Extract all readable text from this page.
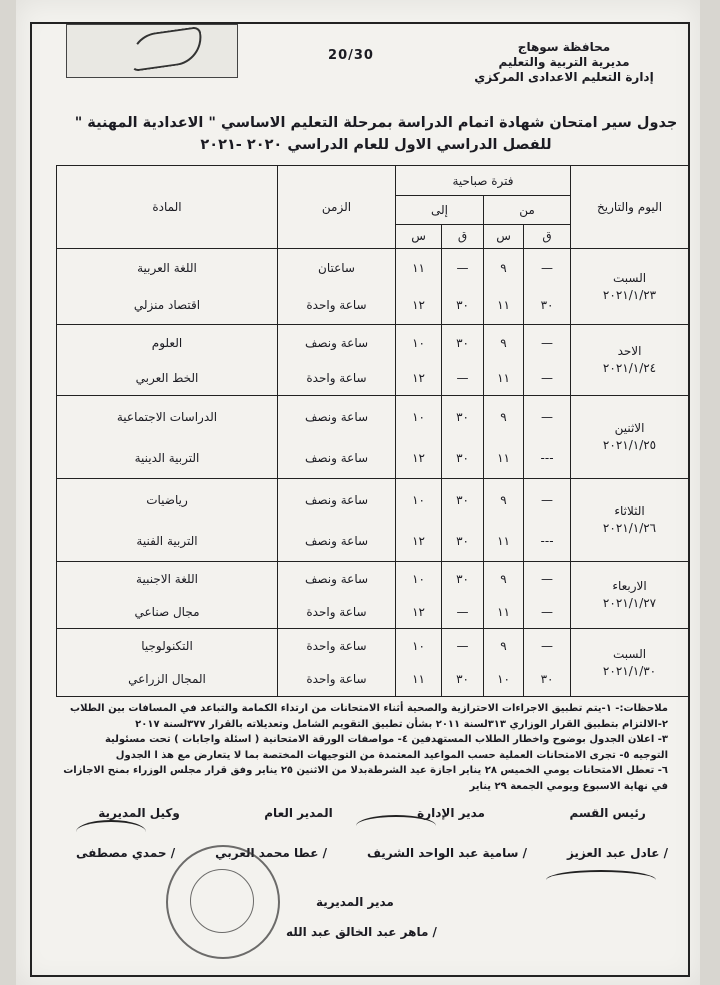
20/30
محافظة سوهاج
مديرية التربية والتعليم
إدارة التعليم الاعدادى المركزي
جدول سير امتحان شهادة اتمام الدراسة بمرحلة التعليم الاساسي " الاعدادية المهنية "
للفصل الدراسي الاول للعام الدراسي ٢٠٢٠ -٢٠٢١
اليوم والتاريخ	فترة صباحية				الزمن	المادة
	من		إلى			
	ق	س	ق	س		

السبت
٢٠٢١/١/٢٣	—	٩	—	١١	ساعتان	اللغة العربية
	٣٠	١١	٣٠	١٢	ساعة واحدة	اقتصاد منزلي

الاحد
٢٠٢١/١/٢٤	—	٩	٣٠	١٠	ساعة ونصف	العلوم
	—	١١	—	١٢	ساعة واحدة	الخط العربي

الاثنين
٢٠٢١/١/٢٥	—	٩	٣٠	١٠	ساعة ونصف	الدراسات الاجتماعية
	---	١١	٣٠	١٢	ساعة ونصف	التربية الدينية

الثلاثاء
٢٠٢١/١/٢٦	—	٩	٣٠	١٠	ساعة ونصف	رياضيات
	---	١١	٣٠	١٢	ساعة ونصف	التربية الفنية

الاربعاء
٢٠٢١/١/٢٧	—	٩	٣٠	١٠	ساعة ونصف	اللغة الاجنبية
	—	١١	—	١٢	ساعة واحدة	مجال صناعي

السبت
٢٠٢١/١/٣٠	—	٩	—	١٠	ساعة واحدة	التكنولوجيا
	٣٠	١٠	٣٠	١١	ساعة واحدة	المجال الزراعي
ملاحظات:- ١-يتم تطبيق الاجراءات الاحترازية والصحية أثناء الامتحانات من ارتداء الكمامة والتباعد في المسافات بين الطلاب
٢-الالتزام بتطبيق القرار الوزاري ٣١٣لسنة ٢٠١١ بشأن تطبيق التقويم الشامل وتعديلاته بالقرار ٣٧٧لسنة ٢٠١٧
٣- اعلان الجدول بوضوح واخطار الطلاب المستهدفين ٤- مواصفات الورقة الامتحانية ( اسئلة واجابات ) تحت مسئولية
التوجيه ٥- تجرى الامتحانات العملية حسب المواعيد المعتمدة من التوجيهات المختصة بما لا يتعارض مع هذ ا الجدول
٦- تعطل الامتحانات يومي الخميس ٢٨ يناير اجازة عيد الشرطةبدلا من الاثنين ٢٥ يناير وفق قرار مجلس الوزراء بمنح الاجازات
في نهاية الاسبوع ويومي الجمعة ٢٩ يناير
رئيس القسم
مدير الإدارة
المدير العام
وكيل المديرية
/ عادل عبد العزيز
/ سامية عبد الواحد الشريف
/ عطا محمد العربي
/ حمدي مصطفى
مدير المديرية
/ ماهر عبد الخالق عبد الله
